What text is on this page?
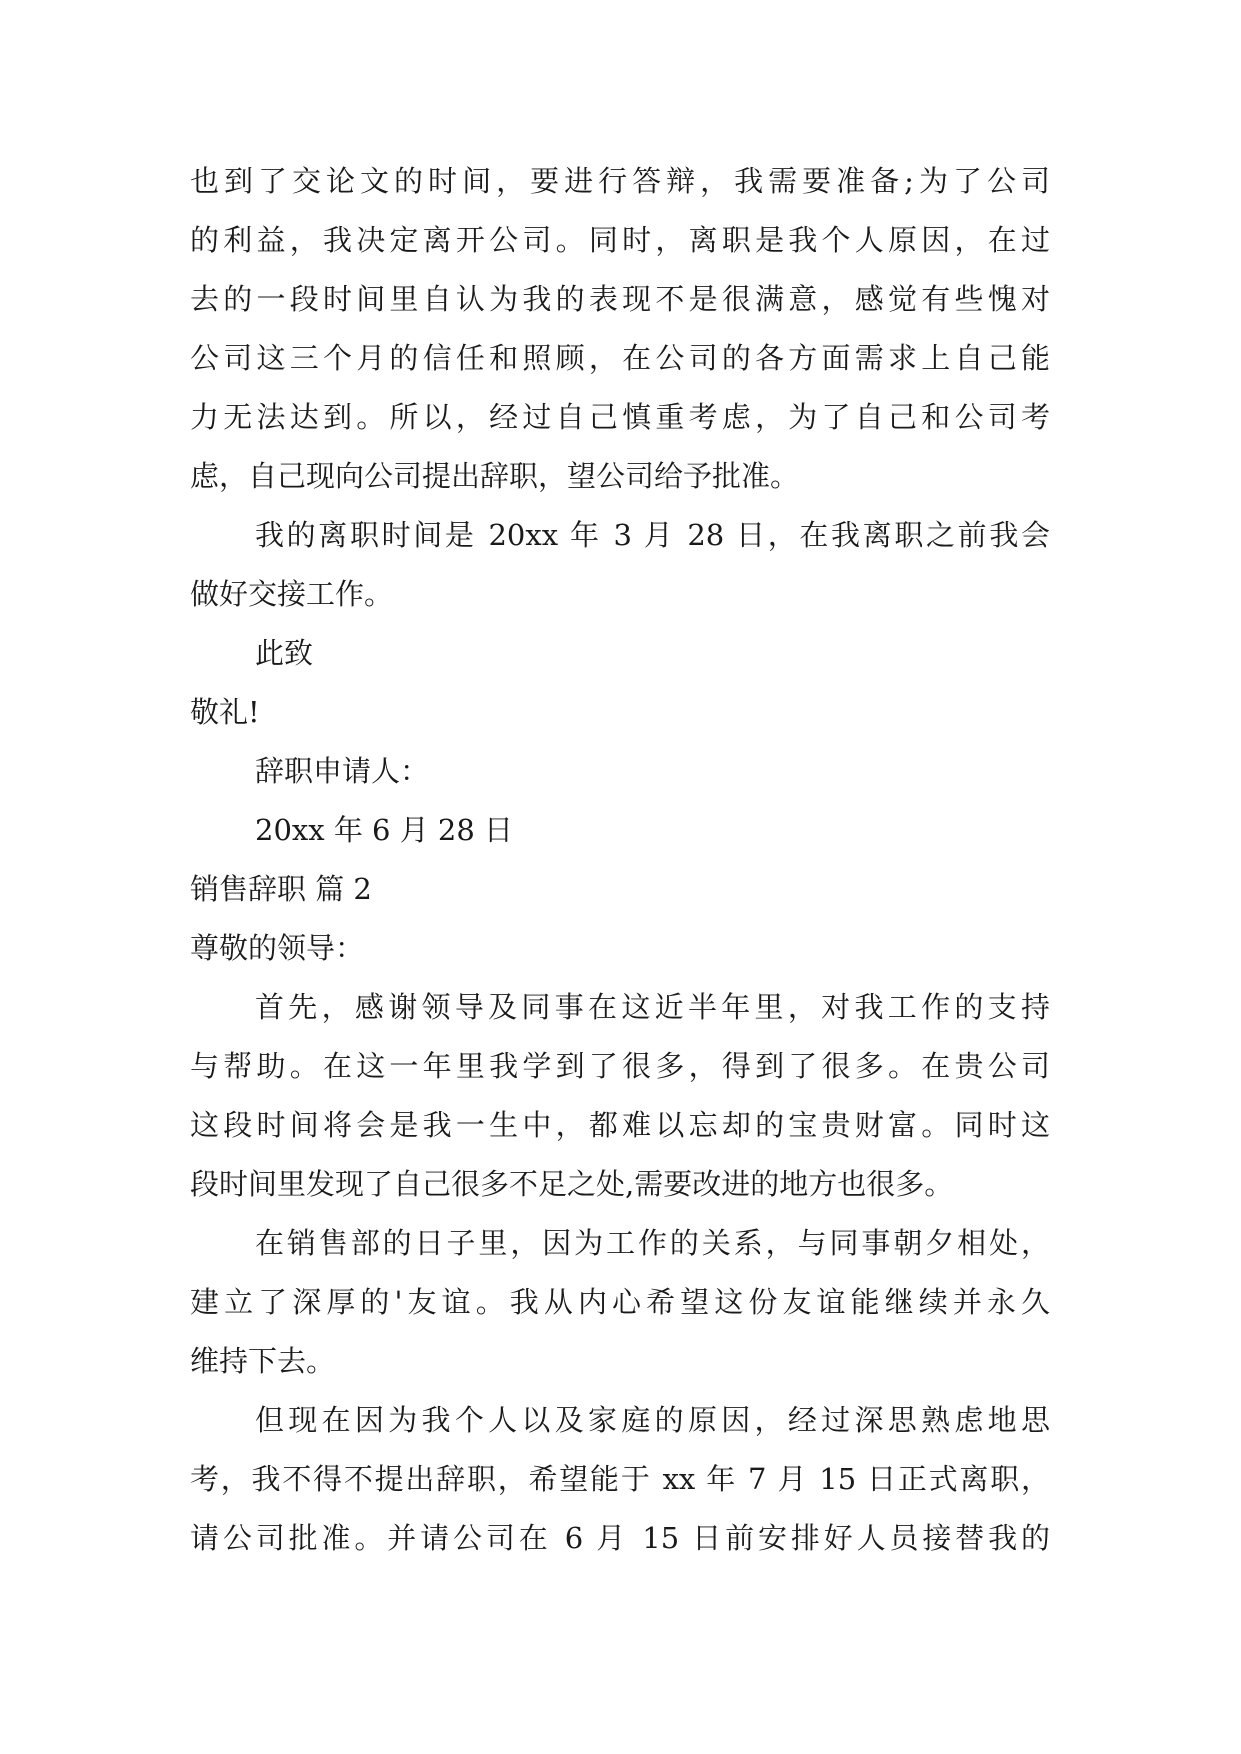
也到了交论文的时间，要进行答辩，我需要准备;为了公司
的利益，我决定离开公司。同时，离职是我个人原因，在过
去的一段时间里自认为我的表现不是很满意，感觉有些愧对
公司这三个月的信任和照顾，在公司的各方面需求上自己能
力无法达到。所以，经过自己慎重考虑，为了自己和公司考
虑，自己现向公司提出辞职，望公司给予批准。
我的离职时间是 20xx 年 3 月 28 日，在我离职之前我会
做好交接工作。
此致
敬礼!
辞职申请人：
20xx 年 6 月 28 日
销售辞职 篇 2
尊敬的领导：
首先，感谢领导及同事在这近半年里，对我工作的支持
与帮助。在这一年里我学到了很多，得到了很多。在贵公司
这段时间将会是我一生中，都难以忘却的宝贵财富。同时这
段时间里发现了自己很多不足之处,需要改进的地方也很多。
在销售部的日子里，因为工作的关系，与同事朝夕相处，
建立了深厚的'友谊。我从内心希望这份友谊能继续并永久
维持下去。
但现在因为我个人以及家庭的原因，经过深思熟虑地思
考，我不得不提出辞职，希望能于 xx 年 7 月 15 日正式离职，
请公司批准。并请公司在 6 月 15 日前安排好人员接替我的
